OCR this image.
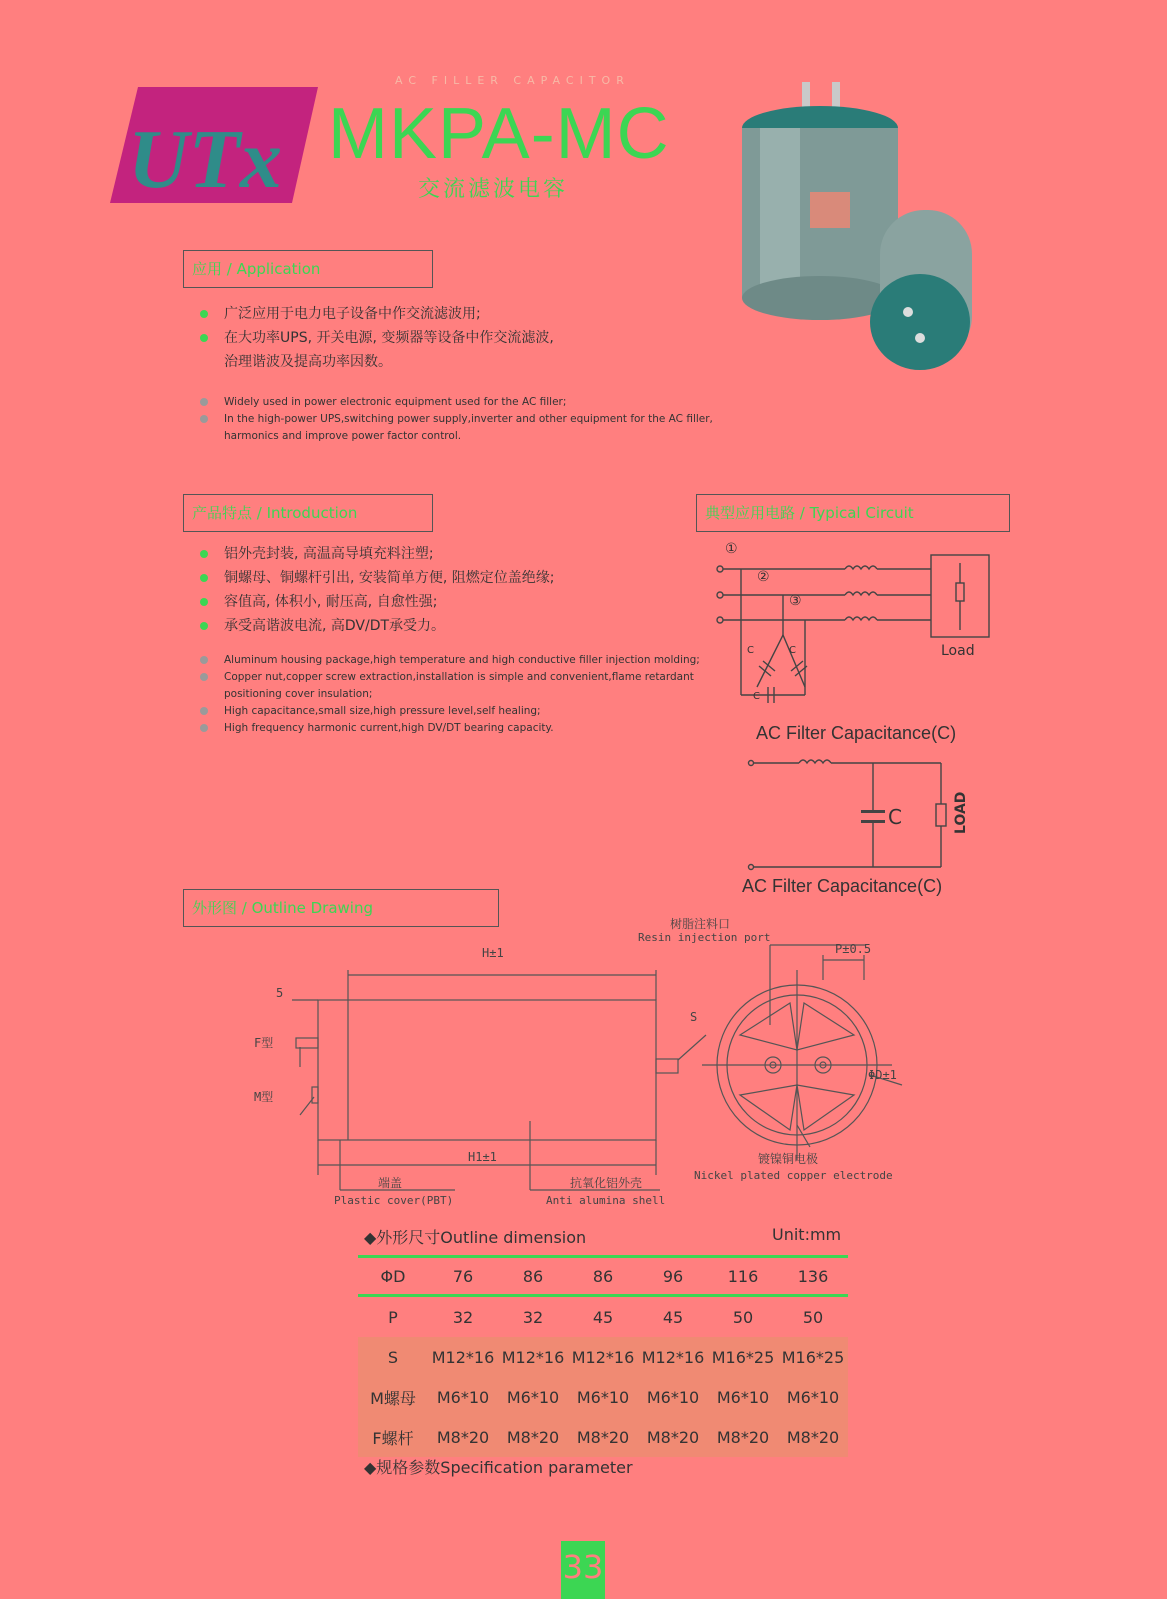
UTx
AC FILLER CAPACITOR
MKPA-MC
交流滤波电容
应用 / Application
广泛应用于电力电子设备中作交流滤波用;
在大功率UPS, 开关电源, 变频器等设备中作交流滤波,
治理谐波及提高功率因数。
Widely used in power electronic equipment used for the AC filler;
In the high-power UPS,switching power supply,inverter and other equipment for the AC filler,
harmonics and improve power factor control.
产品特点 / Introduction
铝外壳封装, 高温高导填充料注塑;
铜螺母、铜螺杆引出, 安装简单方便, 阻燃定位盖绝缘;
容值高, 体积小, 耐压高, 自愈性强;
承受高谐波电流, 高DV/DT承受力。
Aluminum housing package,high temperature and high conductive filler injection molding;
Copper nut,copper screw extraction,installation is simple and convenient,flame retardant
positioning cover insulation;
High capacitance,small size,high pressure level,self healing;
High frequency harmonic current,high DV/DT bearing capacity.
典型应用电路 / Typical Circuit
①
②
③
C	C
C
Load
AC Filter Capacitance(C)
C	LOAD
AC Filter Capacitance(C)
外形图 / Outline Drawing
H±1
H1±1
5
F型
M型
S
树脂注料口
Resin injection port
P±0.5
ΦD±1
端盖
Plastic cover(PBT)
抗氧化铝外壳
Anti alumina shell
镀镍铜电极
Nickel plated copper electrode
◆外形尺寸Outline dimension	Unit:mm
ΦD	76	86	86	96	116	136
P	32	32	45	45	50	50
S	M12*16	M12*16	M12*16	M12*16	M16*25	M16*25
M螺母	M6*10	M6*10	M6*10	M6*10	M6*10	M6*10
F螺杆	M8*20	M8*20	M8*20	M8*20	M8*20	M8*20
◆规格参数Specification parameter
33
